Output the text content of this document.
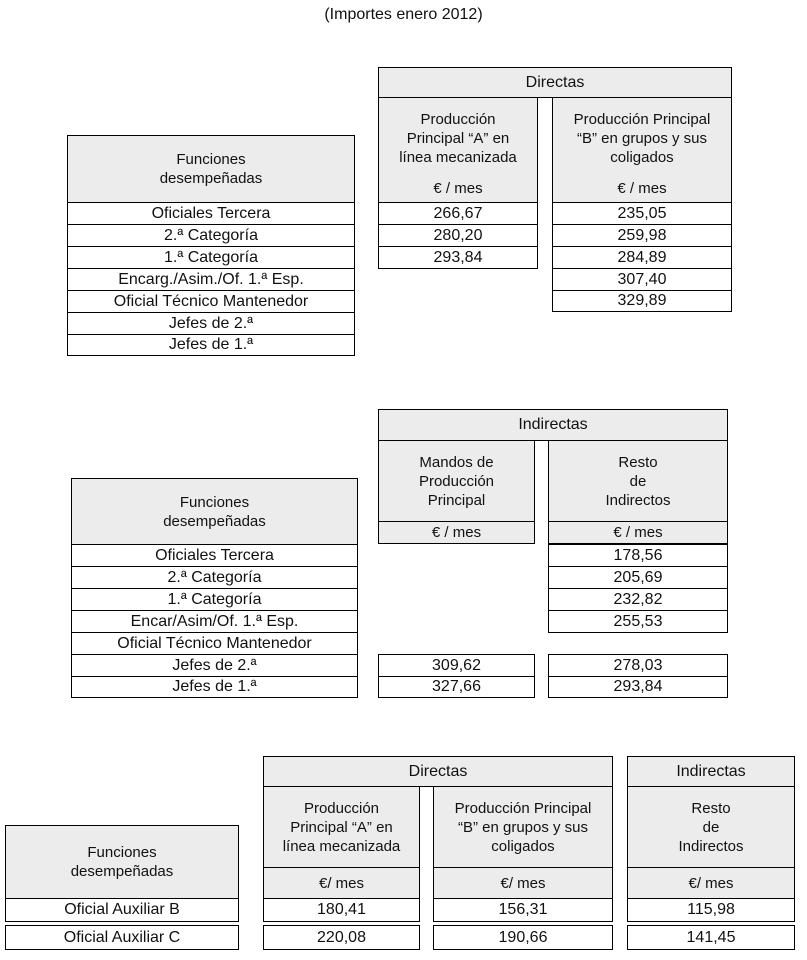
(Importes enero 2012)
Directas
Producción
Principal “A” en
línea mecanizada
€ / mes
Producción Principal
“B” en grupos y sus
coligados
€ / mes
Funciones
desempeñadas
Oficiales Tercera
2.ª Categoría
1.ª Categoría
Encarg./Asim./Of. 1.ª Esp.
Oficial Técnico Mantenedor
Jefes de 2.ª
Jefes de 1.ª
266,67
280,20
293,84
235,05
259,98
284,89
307,40
329,89
Indirectas
Mandos de
Producción
Principal
€ / mes
Resto
de
Indirectos
€ / mes
Funciones
desempeñadas
Oficiales Tercera
2.ª Categoría
1.ª Categoría
Encar/Asim/Of. 1.ª Esp.
Oficial Técnico Mantenedor
Jefes de 2.ª
Jefes de 1.ª
309,62
327,66
178,56
205,69
232,82
255,53
278,03
293,84
Directas	Indirectas
Producción
Principal “A” en
línea mecanizada
€/ mes
Producción Principal
“B” en grupos y sus
coligados
€/ mes
Resto
de
Indirectos
€/ mes
Funciones
desempeñadas
Oficial Auxiliar B
Oficial Auxiliar C
180,41
220,08
156,31
190,66
115,98
141,45
